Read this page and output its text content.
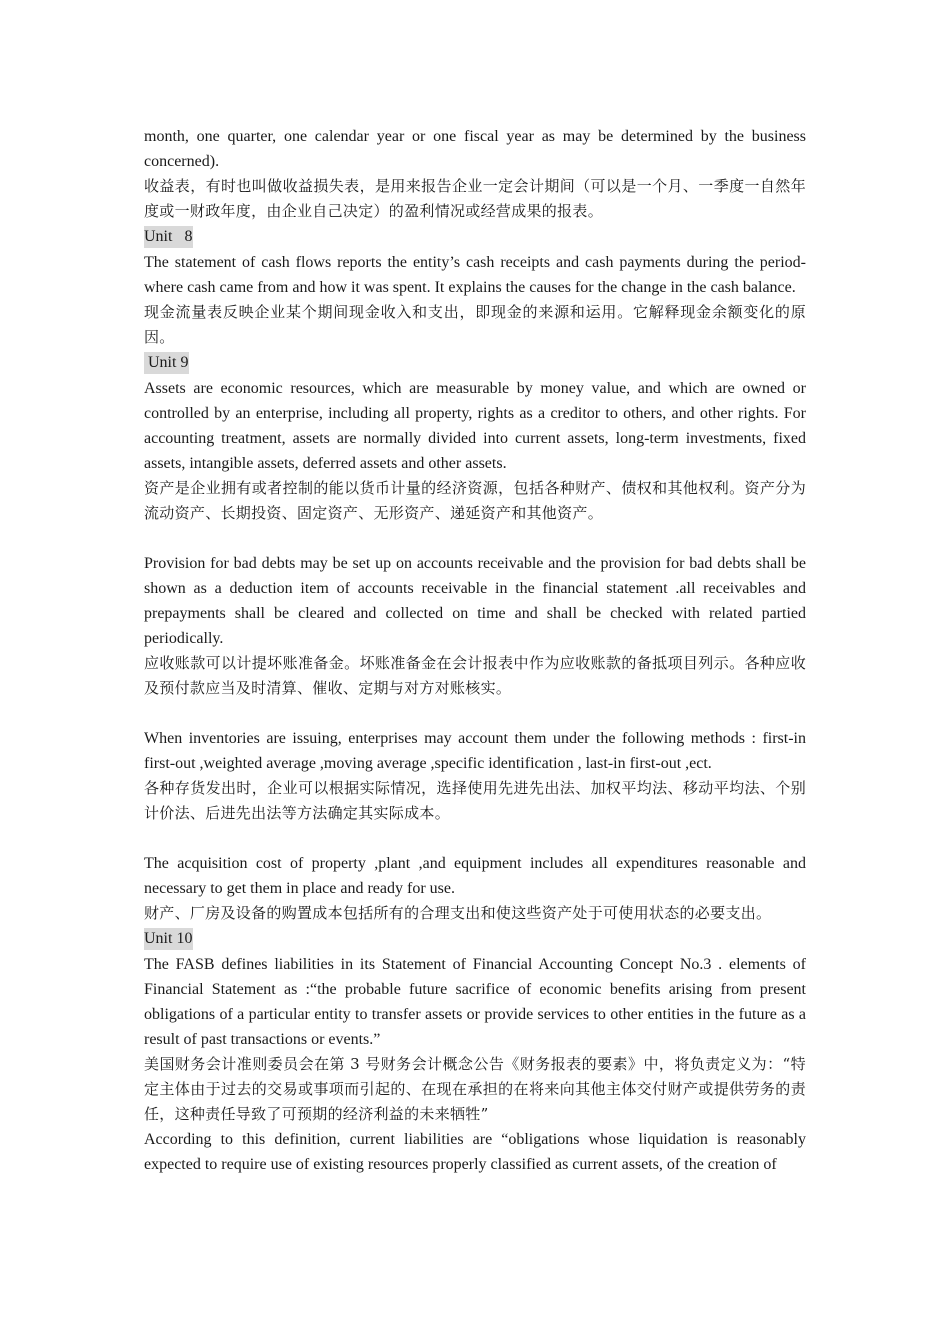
month, one quarter, one calendar year or one fiscal year as may be determined by the business concerned).

收益表，有时也叫做收益损失表，是用来报告企业一定会计期间（可以是一个月、一季度一自然年度或一财政年度，由企业自己决定）的盈利情况或经营成果的报表。

Unit   8

The statement of cash flows reports the entity’s cash receipts and cash payments during the period-where cash came from and how it was spent. It explains the causes for the change in the cash balance.

现金流量表反映企业某个期间现金收入和支出，即现金的来源和运用。它解释现金余额变化的原因。

Unit 9

Assets are economic resources, which are measurable by money value, and which are owned or controlled by an enterprise, including all property, rights as a creditor to others, and other rights. For accounting treatment, assets are normally divided into current assets, long-term investments, fixed assets, intangible assets, deferred assets and other assets.

资产是企业拥有或者控制的能以货币计量的经济资源，包括各种财产、债权和其他权利。资产分为流动资产、长期投资、固定资产、无形资产、递延资产和其他资产。

Provision for bad debts may be set up on accounts receivable and the provision for bad debts shall be shown as a deduction item of accounts receivable in the financial statement .all receivables and prepayments shall be cleared and collected on time and shall be checked with related partied periodically.

应收账款可以计提坏账准备金。坏账准备金在会计报表中作为应收账款的备抵项目列示。各种应收及预付款应当及时清算、催收、定期与对方对账核实。

When inventories are issuing, enterprises may account them under the following methods : first-in first-out ,weighted average ,moving average ,specific identification , last-in first-out ,ect.

各种存货发出时，企业可以根据实际情况，选择使用先进先出法、加权平均法、移动平均法、个别计价法、后进先出法等方法确定其实际成本。

The acquisition cost of property ,plant ,and equipment includes all expenditures reasonable and necessary to get them in place and ready for use.

财产、厂房及设备的购置成本包括所有的合理支出和使这些资产处于可使用状态的必要支出。

Unit 10

The FASB defines liabilities in its Statement of Financial Accounting Concept No.3 . elements of Financial Statement as :“the probable future sacrifice of economic benefits arising from present obligations of a particular entity to transfer assets or provide services to other entities in the future as a result of past transactions or events.”

美国财务会计准则委员会在第 3 号财务会计概念公告《财务报表的要素》中，将负责定义为：“特定主体由于过去的交易或事项而引起的、在现在承担的在将来向其他主体交付财产或提供劳务的责任，这种责任导致了可预期的经济利益的未来牺牲”

According to this definition, current liabilities are “obligations whose liquidation is reasonably expected to require use of existing resources properly classified as current assets, of the creation of
